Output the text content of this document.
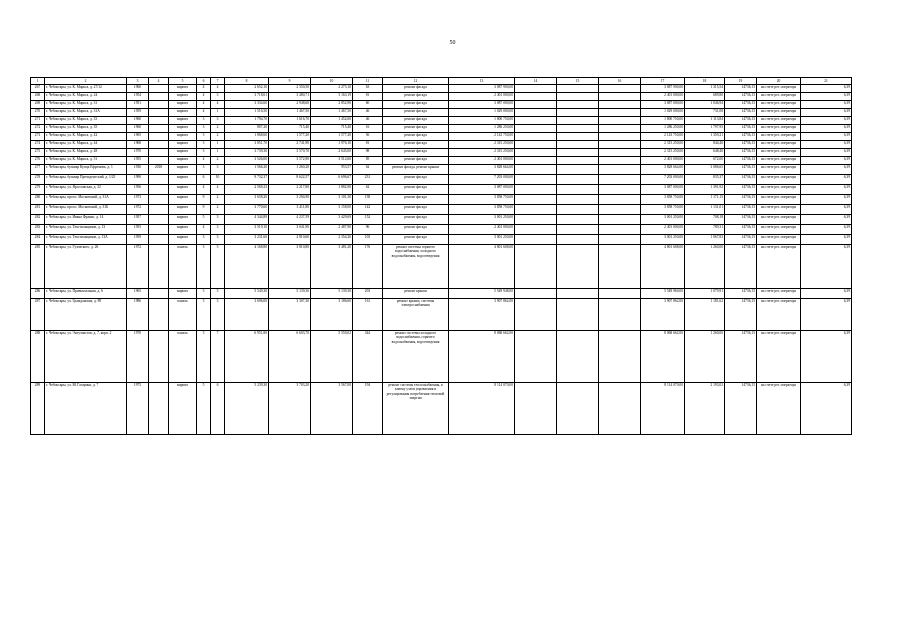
50
1	2	3	4	5	6	7	8	9	10	11	12	13	14	15	16	17	18	19	20	21
267	г. Чебоксары, ул. К. Маркса, д. 27/12	1960		кирпич	4	4	2 652,10	2 350,50	2 275,10	63	ремонт фасада	3 087 900,00				3 087 900,00	1 315,54	14736,15	на счете рег. оператора	6,39
268	г. Чебоксары, ул. К. Маркса, д. 24	1954		кирпич	4	3	3 718,61	3 480,71	3 163,19	81	ремонт фасада	2 401 000,00				2 401 000,00	689,80	14736,15	на счете рег. оператора	6,39
269	г. Чебоксары, ул. К. Маркса, д. 31	1951		кирпич	4	4	3 334,60	2 948,60	2 852,90	60	ремонт фасада	3 087 000,00				3 087 000,00	1 046,94	14736,15	на счете рег. оператора	6,39
270	г. Чебоксары, ул. К. Маркса, д. 31А	1959		кирпич	4	1	1 516,50	1 467,50	1 467,50	46	ремонт фасада	1 029 000,00				1 029 000,00	731,08	14736,15	на счете рег. оператора	6,39
271	г. Чебоксары, ул. К. Маркса, д. 33	1960		кирпич	3	3	1 794,70	1 616,70	1 452,60	46	ремонт фасада	1 800 750,00				1 800 750,00	1 113,84	14736,15	на счете рег. оператора	6,39
272	г. Чебоксары, ул. К. Маркса, д. 35	1960		кирпич	3	2	807,20	715,40	715,40	16	ремонт фасада	1 286 250,00				1 286 250,00	1 797,95	14736,15	на счете рег. оператора	6,39
273	г. Чебоксары, ул. К. Маркса, д. 42	1965		кирпич	5	2	1 868,60	1 577,20	1 577,20	56	ремонт фасада	2 143 750,00				2 143 750,00	1 359,21	14736,15	на счете рег. оператора	6,39
274	г. Чебоксары, ул. К. Маркса, д. 44	1968		кирпич	5	1	3 851,70	2 741,90	1 976,10	81	ремонт фасада	2 315 250,00				2 315 250,00	844,40	14736,15	на счете рег. оператора	6,39
275	г. Чебоксары, ул. К. Маркса, д. 48	1970		кирпич	5	1	3 739,30	3 570,70	2 645,00	98	ремонт фасада	2 315 250,00				2 315 250,00	648,40	14736,15	на счете рег. оператора	6,39
276	г. Чебоксары, ул. К. Маркса, д. 51	1955		кирпич	4	2	3 526,00	3 572,90	3 512,60	85	ремонт фасада	2 401 000,00				2 401 000,00	672,00	14736,15	на счете рег. оператора	6,39
277	г. Чебоксары, бульвар Купца Ефремова, д. 1	1930	2018	кирпич	3	3	1 566,20	1 260,20	953,57	62	ремонт фасада, ремонт крыши	3 828 664,00				3 828 664,00	3 086,65	14736,15	на счете рег. оператора	6,39
278	г. Чебоксары, бульвар Президентский, д. 1/25	1990		кирпич	6	10	9 732,37	8 622,57	6 696,67	231	ремонт фасада	7 203 000,00				7 203 000,00	835,37	14736,15	на счете рег. оператора	6,39
279	г. Чебоксары, ул. Ярославская, д. 32	1956		кирпич	4	4	2 569,23	2 217,80	1 882,90	62	ремонт фасада	3 087 000,00				3 087 000,00	1 391,92	14736,15	на счете рег. оператора	6,39
280	г. Чебоксары, просп. Московский, д. 31А	1973		кирпич	9	2	3 658,20	3 294,90	3 101,30	138	ремонт фасада	3 858 750,00				3 858 750,00	1 171,15	14736,15	на счете рег. оператора	6,39
281	г. Чебоксары, просп. Московский, д. 31Б	1972		кирпич	9	2	3 770,60	3 411,80	3 158,00	142	ремонт фасада	3 858 750,00				3 858 750,00	1 131,01	14736,15	на счете рег. оператора	6,39
282	г. Чебоксары, ул. Ивана Франко, д. 14	1957		кирпич	5	3	4 344,89	4 237,59	3 429,69	152	ремонт фасада	3 001 250,00				3 001 250,00	708,18	14736,15	на счете рег. оператора	6,39
283	г. Чебоксары, ул. Текстильщиков, д. 13	1955		кирпич	4	3	3 519,10	3 041,90	2 487,90	96	ремонт фасада	2 401 000,00				2 401 000,00	789,31	14736,15	на счете рег. оператора	6,39
284	г. Чебоксары, ул. Текстильщиков, д. 13А	1959		кирпич	3	3	3 231,60	2 810,60	2 354,26	103	ремонт фасада	3 001 250,00				3 001 250,00	1 067,83	14736,15	на счете рег. оператора	6,39
285	г. Чебоксары, ул. Гузовского, д. 26	1972		панель	5	5	4 168,80	3 810,80	3 481,20	176	ремонт системы горячего водоснабжения, холодного водоснабжения, водоотведения	4 801 608,00				4 801 608,00	1 260,00	14736,15	на счете рег. оператора	6,39
286	г. Чебоксары, ул. Привокзальная, д. 6	1965		кирпич	5	5	5 549,30	5 139,30	5 139,30	203	ремонт крыши	5 549 948,00				5 549 960,00	1 079,91	14736,15	на счете рег. оператора	6,39
287	г. Чебоксары, ул. Гражданская, д. 89	1986		панель	5	3	3 696,00	3 307,30	3 186,60	161	ремонт крыши, системы электроснабжения	3 907 862,00				3 907 862,00	1 181,62	14736,15	на счете рег. оператора	6,39
288	г. Чебоксары, ул. Энтузиастов, д. 7, корп. 2	1970		панель	5	7	6 951,80	6 603,70	5 550,02	344	ремонт системы холодного водоснабжения, горячего водоснабжения, водоотведения	8 068 662,00				8 068 662,00	1 260,00	14736,15	на счете рег. оператора	6,39
289	г. Чебоксары, ул. Ю.Гагарина, д. 7	1975		кирпич	5	6	5 239,30	3 703,20	3 567,00	194	ремонт системы теплоснабжения, в замену узлов управления и регулирования потребления тепловой энергии	8 114 070,00				8 114 070,00	2 193,02	14736,15	на счете рег. оператора	6,39
